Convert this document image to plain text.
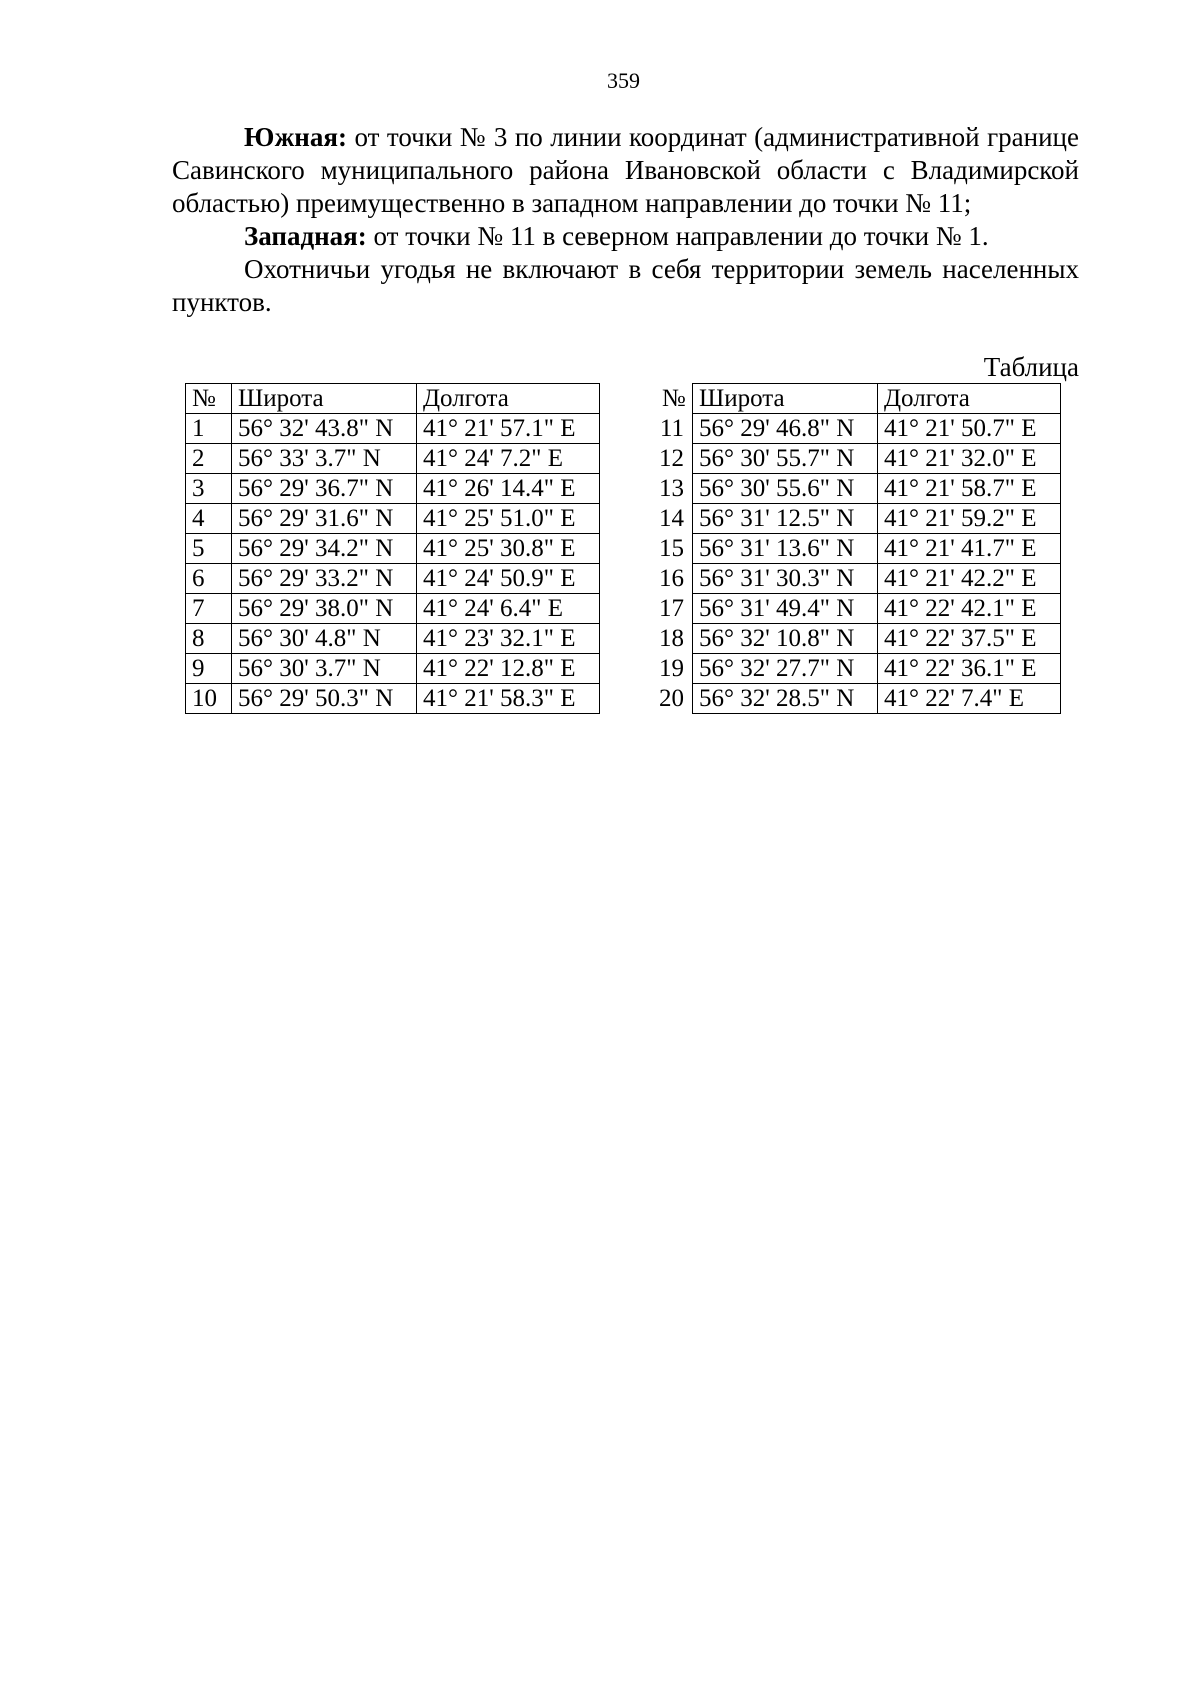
359

Южная: от точки № 3 по линии координат (административной границе Савинского муниципального района Ивановской области с Владимирской областью) преимущественно в западном направлении до точки № 11;

Западная: от точки № 11 в северном направлении до точки № 1.

Охотничьи угодья не включают в себя территории земель населенных пунктов.

Таблица
№	Широта	Долгота	№	Широта	Долгота
1	56° 32' 43.8" N	41° 21' 57.1" E	11	56° 29' 46.8" N	41° 21' 50.7" E
2	56° 33' 3.7" N	41° 24' 7.2" E	12	56° 30' 55.7" N	41° 21' 32.0" E
3	56° 29' 36.7" N	41° 26' 14.4" E	13	56° 30' 55.6" N	41° 21' 58.7" E
4	56° 29' 31.6" N	41° 25' 51.0" E	14	56° 31' 12.5" N	41° 21' 59.2" E
5	56° 29' 34.2" N	41° 25' 30.8" E	15	56° 31' 13.6" N	41° 21' 41.7" E
6	56° 29' 33.2" N	41° 24' 50.9" E	16	56° 31' 30.3" N	41° 21' 42.2" E
7	56° 29' 38.0" N	41° 24' 6.4" E	17	56° 31' 49.4" N	41° 22' 42.1" E
8	56° 30' 4.8" N	41° 23' 32.1" E	18	56° 32' 10.8" N	41° 22' 37.5" E
9	56° 30' 3.7" N	41° 22' 12.8" E	19	56° 32' 27.7" N	41° 22' 36.1" E
10	56° 29' 50.3" N	41° 21' 58.3" E	20	56° 32' 28.5" N	41° 22' 7.4" E
